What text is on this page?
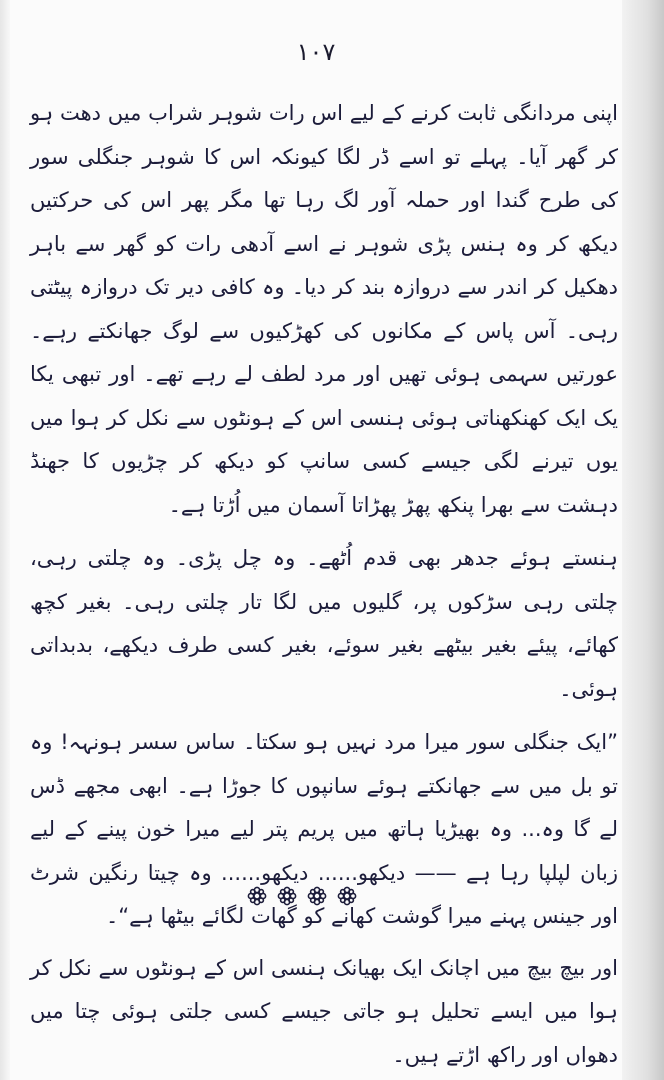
۱۰۷

اپنی مردانگی ثابت کرنے کے لیے اس رات شوہر شراب میں دھت ہو کر گھر آیا۔ پہلے تو اسے ڈر لگا کیونکہ اس کا شوہر جنگلی سور کی طرح گندا اور حملہ آور لگ رہا تھا مگر پھر اس کی حرکتیں دیکھ کر وہ ہنس پڑی شوہر نے اسے آدھی رات کو گھر سے باہر دھکیل کر اندر سے دروازہ بند کر دیا۔ وہ کافی دیر تک دروازہ پیٹتی رہی۔ آس پاس کے مکانوں کی کھڑکیوں سے لوگ جھانکتے رہے۔ عورتیں سہمی ہوئی تھیں اور مرد لطف لے رہے تھے۔ اور تبھی یکا یک ایک کھنکھناتی ہوئی ہنسی اس کے ہونٹوں سے نکل کر ہوا میں یوں تیرنے لگی جیسے کسی سانپ کو دیکھ کر چڑیوں کا جھنڈ دہشت سے بھرا پنکھ پھڑ پھڑاتا آسمان میں اُڑتا ہے۔

ہنستے ہوئے جدھر بھی قدم اُٹھے۔ وہ چل پڑی۔ وہ چلتی رہی، چلتی رہی سڑکوں پر، گلیوں میں لگا تار چلتی رہی۔ بغیر کچھ کھائے، پیئے بغیر بیٹھے بغیر سوئے، بغیر کسی طرف دیکھے، بدبداتی ہوئی۔

”ایک جنگلی سور میرا مرد نہیں ہو سکتا۔ ساس سسر ہونہہ! وہ تو بل میں سے جھانکتے ہوئے سانپوں کا جوڑا ہے۔ ابھی مجھے ڈس لے گا وہ... وہ بھیڑیا ہاتھ میں پریم پتر لیے میرا خون پینے کے لیے زبان لپلپا رہا ہے —— دیکھو...... دیکھو...... وہ چیتا رنگین شرٹ اور جینس پہنے میرا گوشت کھانے کو گھات لگائے بیٹھا ہے“۔

اور بیچ بیچ میں اچانک ایک بھیانک ہنسی اس کے ہونٹوں سے نکل کر ہوا میں ایسے تحلیل ہو جاتی جیسے کسی جلتی ہوئی چتا میں دھواں اور راکھ اڑتے ہیں۔
